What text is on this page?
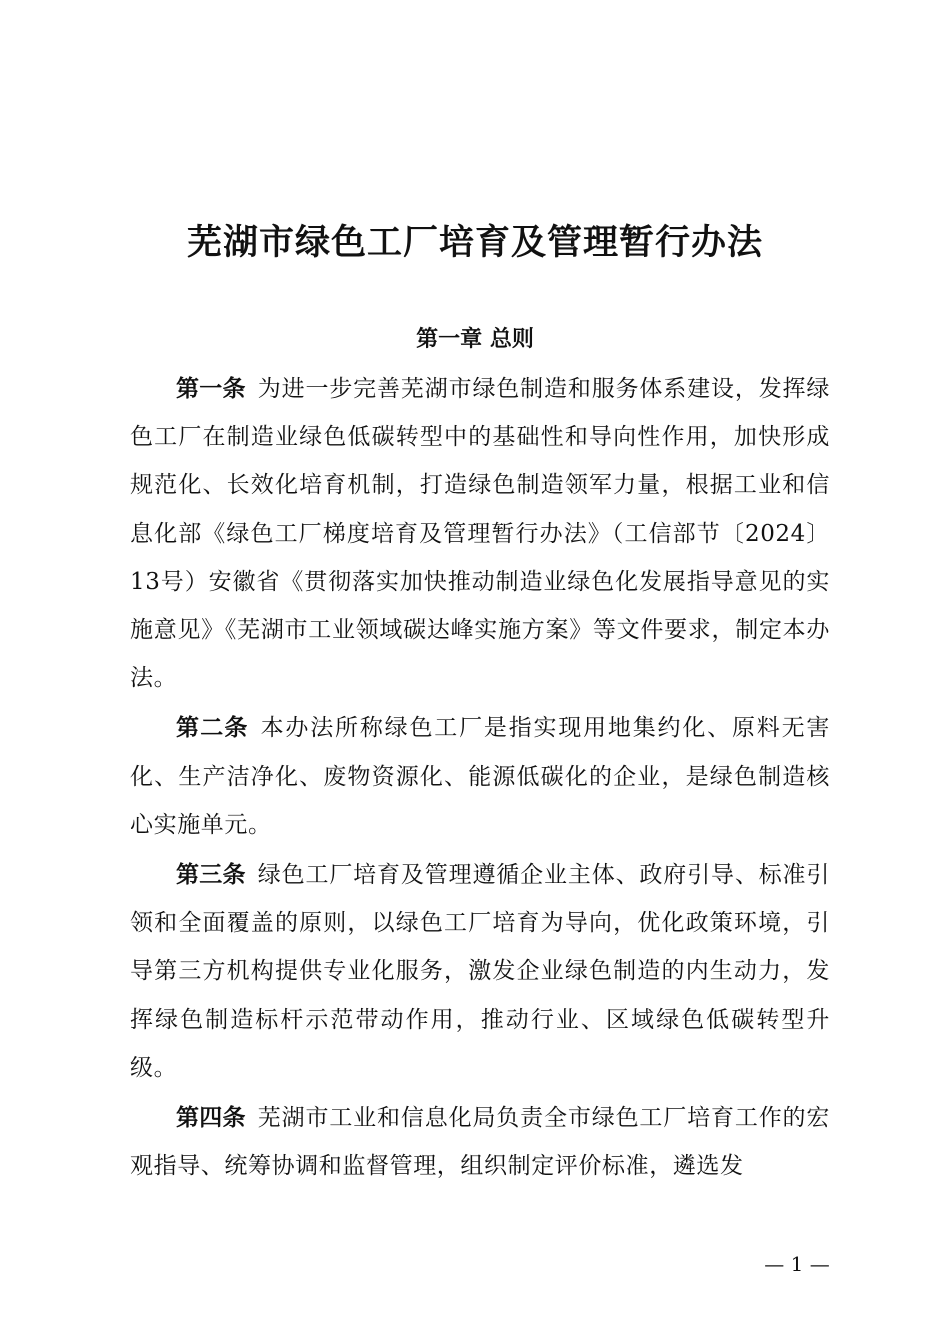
芜湖市绿色工厂培育及管理暂行办法
第一章 总则

第一条 为进一步完善芜湖市绿色制造和服务体系建设，发挥绿色工厂在制造业绿色低碳转型中的基础性和导向性作用，加快形成规范化、长效化培育机制，打造绿色制造领军力量，根据工业和信息化部《绿色工厂梯度培育及管理暂行办法》（工信部节〔2024〕13号）安徽省《贯彻落实加快推动制造业绿色化发展指导意见的实施意见》《芜湖市工业领域碳达峰实施方案》等文件要求，制定本办法。

第二条 本办法所称绿色工厂是指实现用地集约化、原料无害化、生产洁净化、废物资源化、能源低碳化的企业，是绿色制造核心实施单元。

第三条 绿色工厂培育及管理遵循企业主体、政府引导、标准引领和全面覆盖的原则，以绿色工厂培育为导向，优化政策环境，引导第三方机构提供专业化服务，激发企业绿色制造的内生动力，发挥绿色制造标杆示范带动作用，推动行业、区域绿色低碳转型升级。

第四条 芜湖市工业和信息化局负责全市绿色工厂培育工作的宏观指导、统筹协调和监督管理，组织制定评价标准，遴选发

— 1 —
